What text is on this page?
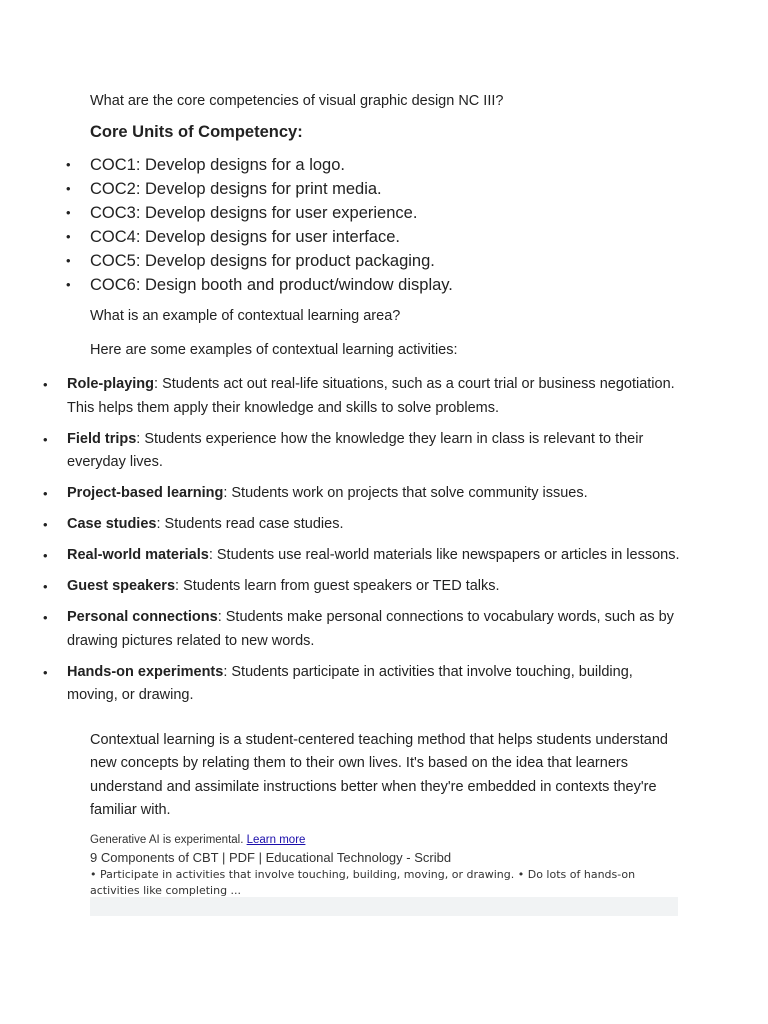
What are the core competencies of visual graphic design NC III?
Core Units of Competency:
• COC1: Develop designs for a logo.
• COC2: Develop designs for print media.
• COC3: Develop designs for user experience.
• COC4: Develop designs for user interface.
• COC5: Develop designs for product packaging.
• COC6: Design booth and product/window display.
What is an example of contextual learning area?
Here are some examples of contextual learning activities:
• Role-playing: Students act out real-life situations, such as a court trial or business negotiation. This helps them apply their knowledge and skills to solve problems.
• Field trips: Students experience how the knowledge they learn in class is relevant to their everyday lives.
• Project-based learning: Students work on projects that solve community issues.
• Case studies: Students read case studies.
• Real-world materials: Students use real-world materials like newspapers or articles in lessons.
• Guest speakers: Students learn from guest speakers or TED talks.
• Personal connections: Students make personal connections to vocabulary words, such as by drawing pictures related to new words.
• Hands-on experiments: Students participate in activities that involve touching, building, moving, or drawing.
Contextual learning is a student-centered teaching method that helps students understand new concepts by relating them to their own lives. It's based on the idea that learners understand and assimilate instructions better when they're embedded in contexts they're familiar with.
Generative AI is experimental. Learn more
9 Components of CBT | PDF | Educational Technology - Scribd
• Participate in activities that involve touching, building, moving, or drawing. • Do lots of hands-on activities like completing ...
